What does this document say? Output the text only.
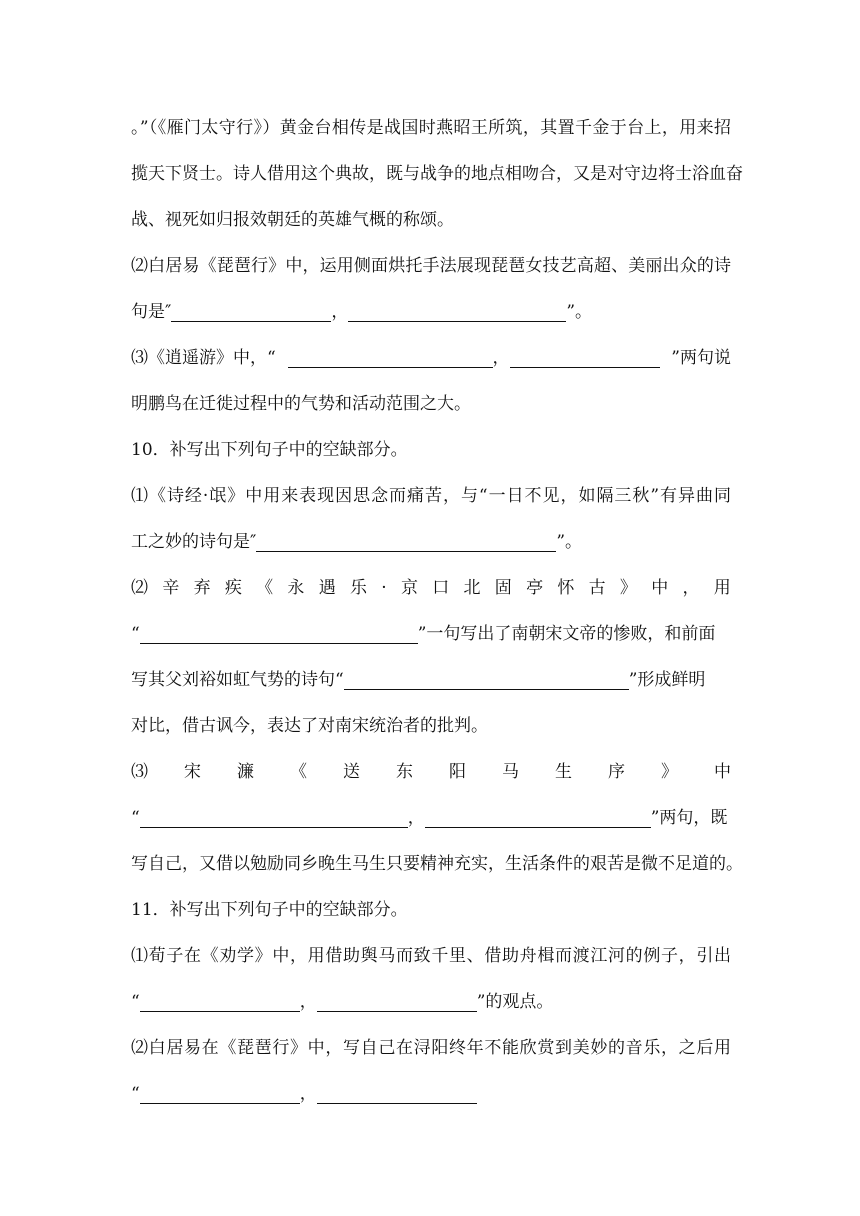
。”（《雁门太守行》）黄金台相传是战国时燕昭王所筑，其置千金于台上，用来招
揽天下贤士。诗人借用这个典故，既与战争的地点相吻合，又是对守边将士浴血奋
战、视死如归报效朝廷的英雄气概的称颂。
⑵白居易《琵琶行》中，运用侧面烘托手法展现琵琶女技艺高超、美丽出众的诗
句是″	，	”。
⑶《逍遥游》中，“	，	”两句说
明鹏鸟在迁徙过程中的气势和活动范围之大。
10．补写出下列句子中的空缺部分。
⑴《诗经·氓》中用来表现因思念而痛苦，与“一日不见，如隔三秋”有异曲同
工之妙的诗句是″	”。
⑵ 辛 弃 疾 《 永 遇 乐 · 京 口 北 固 亭 怀 古 》 中 ， 用
“	”一句写出了南朝宋文帝的惨败，和前面
写其父刘裕如虹气势的诗句“	”形成鲜明
对比，借古讽今，表达了对南宋统治者的批判。
⑶ 宋 濂 《 送 东 阳 马 生 序 》 中
“	，	”两句，既
写自己，又借以勉励同乡晚生马生只要精神充实，生活条件的艰苦是微不足道的。
11．补写出下列句子中的空缺部分。
⑴荀子在《劝学》中，用借助舆马而致千里、借助舟楫而渡江河的例子，引出
“	，	”的观点。
⑵白居易在《琵琶行》中，写自己在浔阳终年不能欣赏到美妙的音乐，之后用
“	，
